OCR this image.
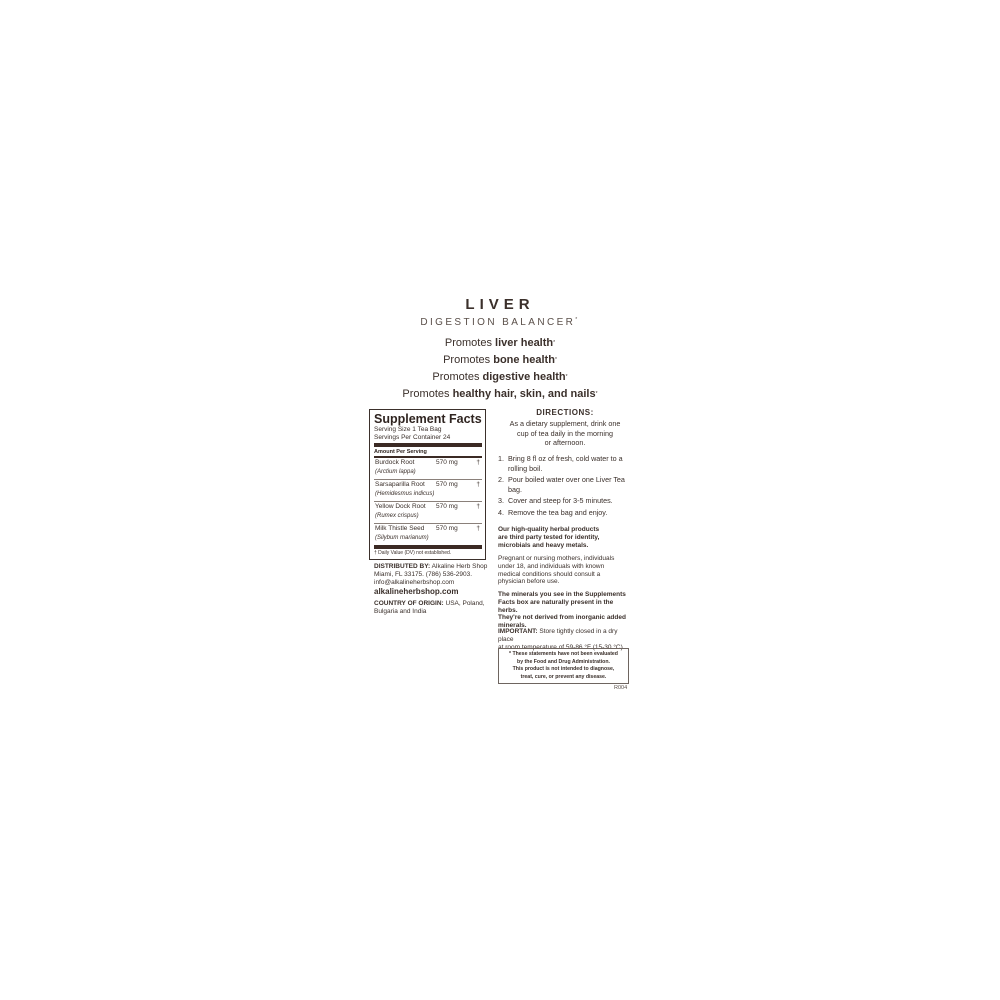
LIVER
DIGESTION BALANCER*
Promotes liver health*
Promotes bone health*
Promotes digestive health*
Promotes healthy hair, skin, and nails*
Supplement Facts
Serving Size 1 Tea Bag
Servings Per Container 24
Amount Per Serving
Burdock Root	570 mg	†
(Arctium lappa)
Sarsaparilla Root 570 mg	†
(Hemidesmus indicus)
Yellow Dock Root 570 mg	†
(Rumex crispus)
Milk Thistle Seed 570 mg	†
(Silybum marianum)
† Daily Value (DV) not established.
DISTRIBUTED BY: Alkaline Herb Shop
Miami, FL 33175. (786) 536-2903.
info@alkalineherbshop.com
alkalineherbshop.com
COUNTRY OF ORIGIN: USA, Poland,
Bulgaria and India
DIRECTIONS:
As a dietary supplement, drink one
cup of tea daily in the morning
or afternoon.
1. Bring 8 fl oz of fresh, cold water to a rolling boil.
2. Pour boiled water over one Liver Tea bag.
3. Cover and steep for 3-5 minutes.
4. Remove the tea bag and enjoy.
Our high-quality herbal products
are third party tested for identity,
microbials and heavy metals.
Pregnant or nursing mothers, individuals
under 18, and individuals with known
medical conditions should consult a
physician before use.
The minerals you see in the Supplements
Facts box are naturally present in the herbs.
They're not derived from inorganic added
minerals.
IMPORTANT: Store tightly closed in a dry place
at room temperature of 59-86 °F (15-30 °C).
* These statements have not been evaluated
by the Food and Drug Administration.
This product is not intended to diagnose,
treat, cure, or prevent any disease.
R004
